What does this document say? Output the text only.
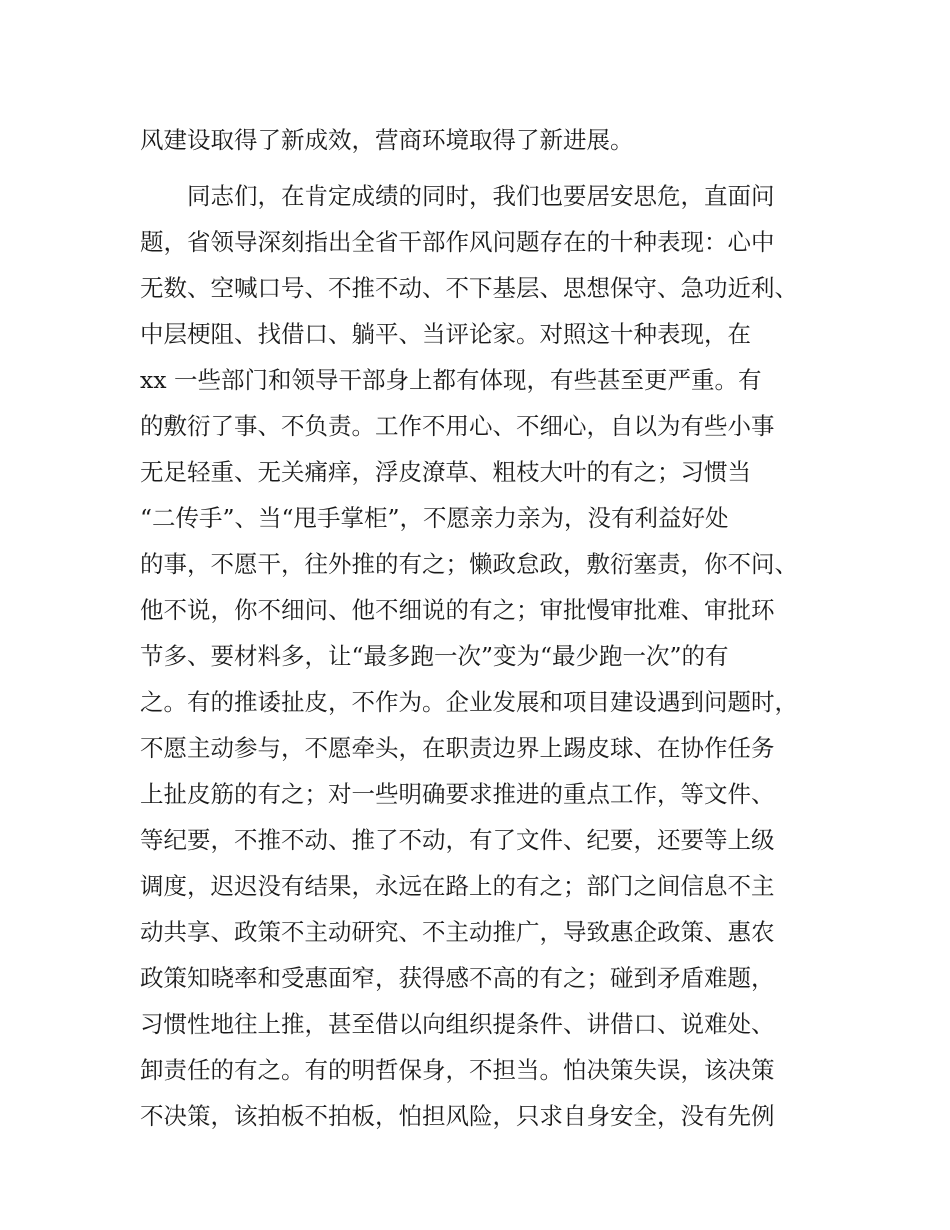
风建设取得了新成效，营商环境取得了新进展。
　　同志们，在肯定成绩的同时，我们也要居安思危，直面问
题，省领导深刻指出全省干部作风问题存在的十种表现：心中
无数、空喊口号、不推不动、不下基层、思想保守、急功近利、
中层梗阻、找借口、躺平、当评论家。对照这十种表现，在
xx 一些部门和领导干部身上都有体现，有些甚至更严重。有
的敷衍了事、不负责。工作不用心、不细心，自以为有些小事
无足轻重、无关痛痒，浮皮潦草、粗枝大叶的有之；习惯当
“二传手”、当“甩手掌柜”，不愿亲力亲为，没有利益好处
的事，不愿干，往外推的有之；懒政怠政，敷衍塞责，你不问、
他不说，你不细问、他不细说的有之；审批慢审批难、审批环
节多、要材料多，让“最多跑一次”变为“最少跑一次”的有
之。有的推诿扯皮，不作为。企业发展和项目建设遇到问题时，
不愿主动参与，不愿牵头，在职责边界上踢皮球、在协作任务
上扯皮筋的有之；对一些明确要求推进的重点工作，等文件、
等纪要，不推不动、推了不动，有了文件、纪要，还要等上级
调度，迟迟没有结果，永远在路上的有之；部门之间信息不主
动共享、政策不主动研究、不主动推广，导致惠企政策、惠农
政策知晓率和受惠面窄，获得感不高的有之；碰到矛盾难题，
习惯性地往上推，甚至借以向组织提条件、讲借口、说难处、
卸责任的有之。有的明哲保身，不担当。怕决策失误，该决策
不决策，该拍板不拍板，怕担风险，只求自身安全，没有先例
